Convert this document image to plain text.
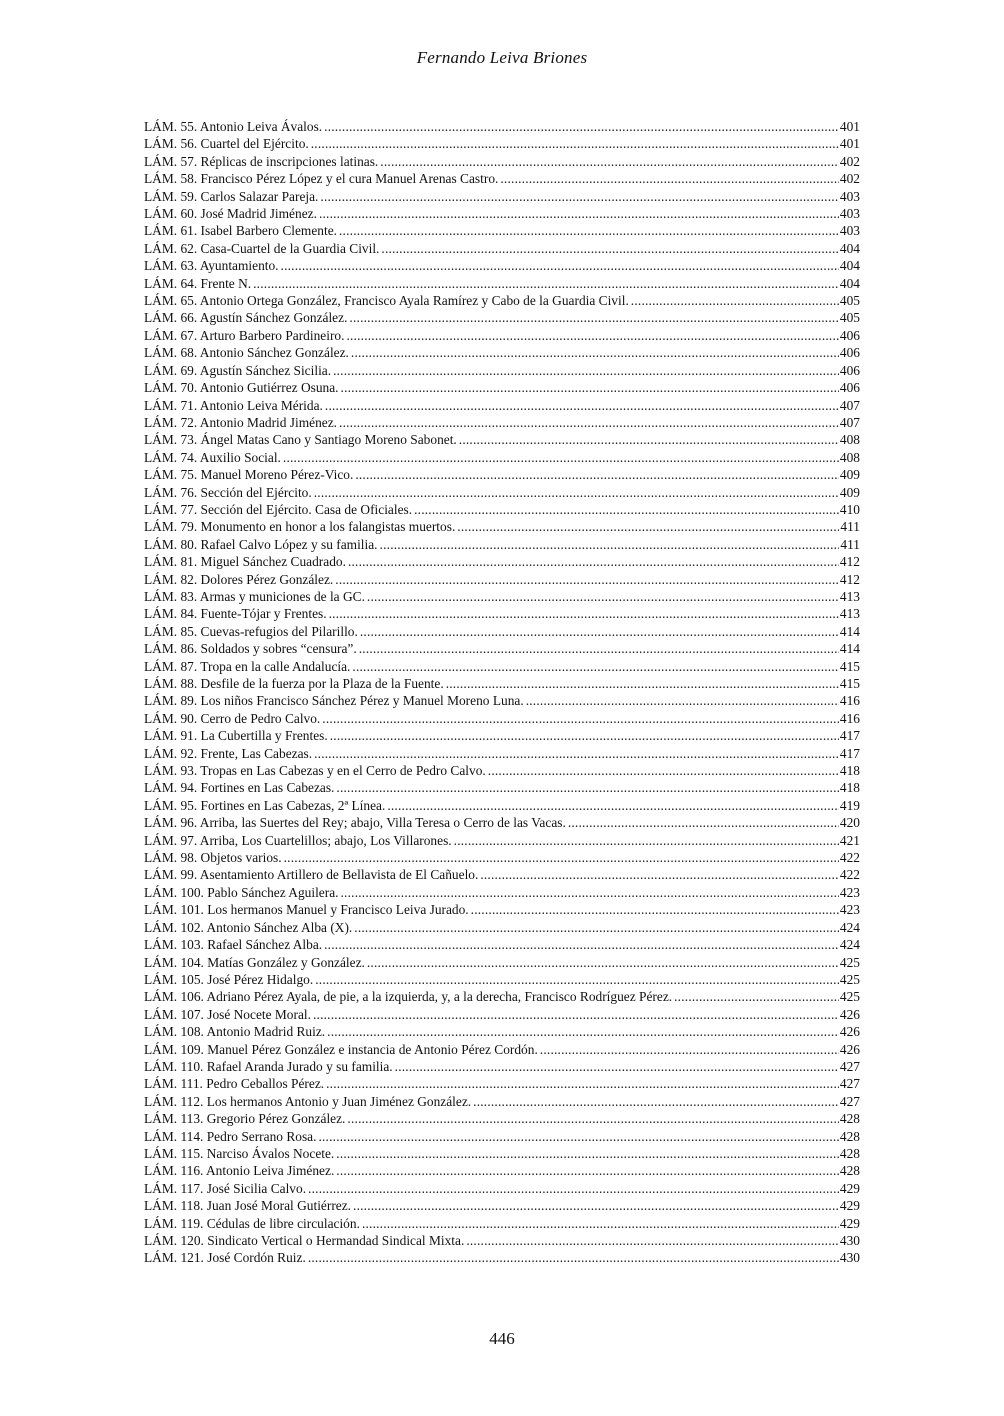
Fernando Leiva Briones
LÁM. 55. Antonio Leiva Ávalos. .....	401
LÁM. 56. Cuartel del Ejército. .....	401
LÁM. 57. Réplicas de inscripciones latinas. .....	402
LÁM. 58. Francisco Pérez López y el cura Manuel Arenas Castro. .....	402
LÁM. 59. Carlos Salazar Pareja. .....	403
LÁM. 60. José Madrid Jiménez. .....	403
LÁM. 61. Isabel Barbero Clemente. .....	403
LÁM. 62. Casa-Cuartel de la Guardia Civil. .....	404
LÁM. 63. Ayuntamiento. .....	404
LÁM. 64. Frente N. .....	404
LÁM. 65. Antonio Ortega González, Francisco Ayala Ramírez y Cabo de la Guardia Civil. .....	405
LÁM. 66. Agustín Sánchez González. .....	405
LÁM. 67. Arturo Barbero Pardineiro. .....	406
LÁM. 68. Antonio Sánchez González. .....	406
LÁM. 69. Agustín Sánchez Sicilia. .....	406
LÁM. 70. Antonio Gutiérrez Osuna. .....	406
LÁM. 71. Antonio Leiva Mérida. .....	407
LÁM. 72. Antonio Madrid Jiménez. .....	407
LÁM. 73. Ángel Matas Cano y Santiago Moreno Sabonet. .....	408
LÁM. 74. Auxilio Social. .....	408
LÁM. 75. Manuel Moreno Pérez-Vico. .....	409
LÁM. 76. Sección del Ejército. .....	409
LÁM. 77. Sección del Ejército. Casa de Oficiales. .....	410
LÁM. 79. Monumento en honor a los falangistas muertos. .....	411
LÁM. 80. Rafael Calvo López y su familia. .....	411
LÁM. 81. Miguel Sánchez Cuadrado. .....	412
LÁM. 82. Dolores Pérez González. .....	412
LÁM. 83. Armas y municiones de la GC. .....	413
LÁM. 84. Fuente-Tójar y Frentes. .....	413
LÁM. 85. Cuevas-refugios del Pilarillo. .....	414
LÁM. 86. Soldados y sobres “censura”. .....	414
LÁM. 87. Tropa en la calle Andalucía. .....	415
LÁM. 88. Desfile de la fuerza por la Plaza de la Fuente. .....	415
LÁM. 89. Los niños Francisco Sánchez Pérez y Manuel Moreno Luna. .....	416
LÁM. 90. Cerro de Pedro Calvo. .....	416
LÁM. 91. La Cubertilla y Frentes. .....	417
LÁM. 92. Frente, Las Cabezas. .....	417
LÁM. 93. Tropas en Las Cabezas y en el Cerro de Pedro Calvo. .....	418
LÁM. 94. Fortines en Las Cabezas. .....	418
LÁM. 95. Fortines en Las Cabezas, 2ª Línea. .....	419
LÁM. 96. Arriba, las Suertes del Rey; abajo, Villa Teresa o Cerro de las Vacas. .....	420
LÁM. 97. Arriba, Los Cuartelillos; abajo, Los Villarones. .....	421
LÁM. 98. Objetos varios. .....	422
LÁM. 99. Asentamiento Artillero de Bellavista de El Cañuelo. .....	422
LÁM. 100. Pablo Sánchez Aguilera. .....	423
LÁM. 101. Los hermanos Manuel y Francisco Leiva Jurado. .....	423
LÁM. 102. Antonio Sánchez Alba (X). .....	424
LÁM. 103. Rafael Sánchez Alba. .....	424
LÁM. 104. Matías González y González. .....	425
LÁM. 105. José Pérez Hidalgo. .....	425
LÁM. 106. Adriano Pérez Ayala, de pie, a la izquierda, y, a la derecha, Francisco Rodríguez Pérez. .....	425
LÁM. 107. José Nocete Moral. .....	426
LÁM. 108. Antonio Madrid Ruiz. .....	426
LÁM. 109. Manuel Pérez González e instancia de Antonio Pérez Cordón. .....	426
LÁM. 110. Rafael Aranda Jurado y su familia. .....	427
LÁM. 111. Pedro Ceballos Pérez. .....	427
LÁM. 112. Los hermanos Antonio y Juan Jiménez González. .....	427
LÁM. 113. Gregorio Pérez González. .....	428
LÁM. 114. Pedro Serrano Rosa. .....	428
LÁM. 115. Narciso Ávalos Nocete. .....	428
LÁM. 116. Antonio Leiva Jiménez. .....	428
LÁM. 117. José Sicilia Calvo. .....	429
LÁM. 118. Juan José Moral Gutiérrez. .....	429
LÁM. 119. Cédulas de libre circulación. .....	429
LÁM. 120. Sindicato Vertical o Hermandad Sindical Mixta. .....	430
LÁM. 121. José Cordón Ruiz. .....	430
446
